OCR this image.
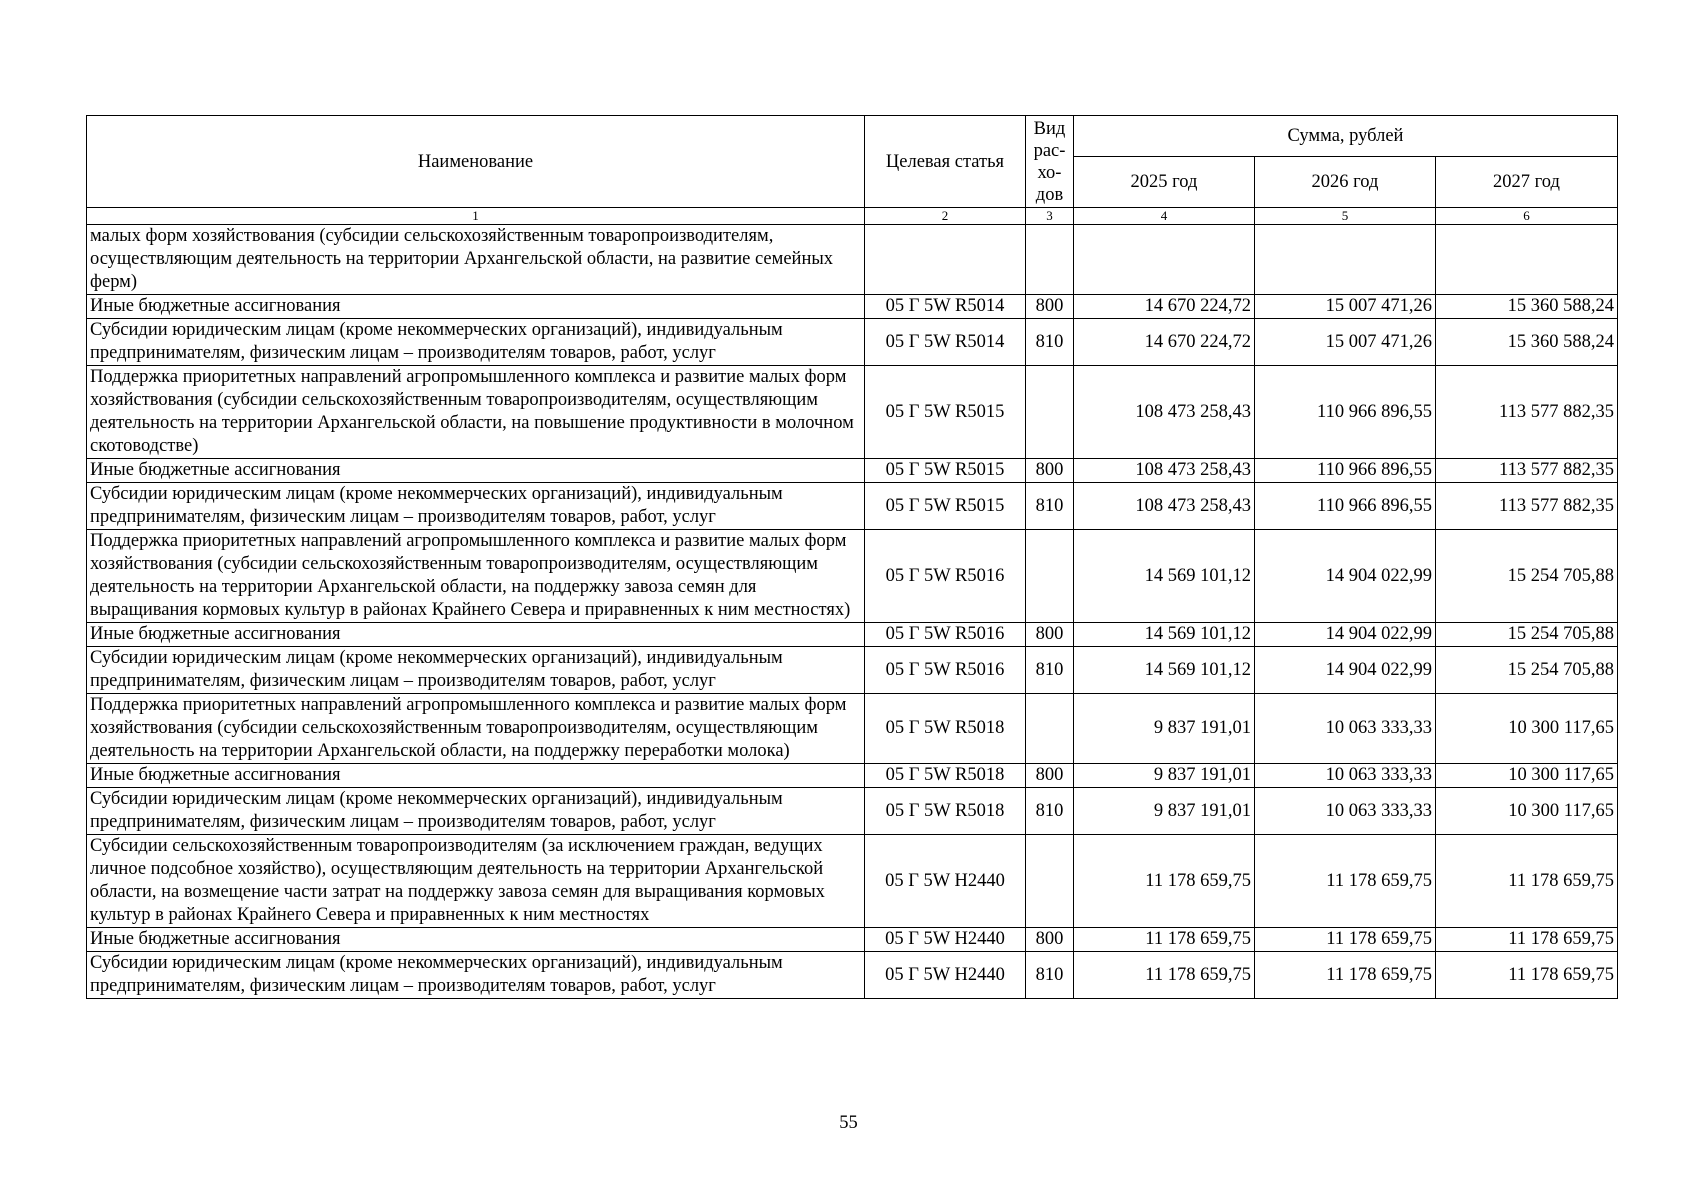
Наименование	Целевая статья	Вид рас-хо-дов	Сумма, рублей		
			2025 год	2026 год	2027 год
1	2	3	4	5	6
малых форм хозяйствования (субсидии сельскохозяйственным товаропроизводителям, осуществляющим деятельность на территории Архангельской области, на развитие семейных ферм)					
Иные бюджетные ассигнования	05 Г 5W R5014	800	14 670 224,72	15 007 471,26	15 360 588,24
Субсидии юридическим лицам (кроме некоммерческих организаций), индивидуальным предпринимателям, физическим лицам – производителям товаров, работ, услуг	05 Г 5W R5014	810	14 670 224,72	15 007 471,26	15 360 588,24
Поддержка приоритетных направлений агропромышленного комплекса и развитие малых форм хозяйствования (субсидии сельскохозяйственным товаропроизводителям, осуществляющим деятельность на территории Архангельской области, на повышение продуктивности в молочном скотоводстве)	05 Г 5W R5015		108 473 258,43	110 966 896,55	113 577 882,35
Иные бюджетные ассигнования	05 Г 5W R5015	800	108 473 258,43	110 966 896,55	113 577 882,35
Субсидии юридическим лицам (кроме некоммерческих организаций), индивидуальным предпринимателям, физическим лицам – производителям товаров, работ, услуг	05 Г 5W R5015	810	108 473 258,43	110 966 896,55	113 577 882,35
Поддержка приоритетных направлений агропромышленного комплекса и развитие малых форм хозяйствования (субсидии сельскохозяйственным товаропроизводителям, осуществляющим деятельность на территории Архангельской области, на поддержку завоза семян для выращивания кормовых культур в районах Крайнего Севера и приравненных к ним местностях)	05 Г 5W R5016		14 569 101,12	14 904 022,99	15 254 705,88
Иные бюджетные ассигнования	05 Г 5W R5016	800	14 569 101,12	14 904 022,99	15 254 705,88
Субсидии юридическим лицам (кроме некоммерческих организаций), индивидуальным предпринимателям, физическим лицам – производителям товаров, работ, услуг	05 Г 5W R5016	810	14 569 101,12	14 904 022,99	15 254 705,88
Поддержка приоритетных направлений агропромышленного комплекса и развитие малых форм хозяйствования (субсидии сельскохозяйственным товаропроизводителям, осуществляющим деятельность на территории Архангельской области, на поддержку переработки молока)	05 Г 5W R5018		9 837 191,01	10 063 333,33	10 300 117,65
Иные бюджетные ассигнования	05 Г 5W R5018	800	9 837 191,01	10 063 333,33	10 300 117,65
Субсидии юридическим лицам (кроме некоммерческих организаций), индивидуальным предпринимателям, физическим лицам – производителям товаров, работ, услуг	05 Г 5W R5018	810	9 837 191,01	10 063 333,33	10 300 117,65
Субсидии сельскохозяйственным товаропроизводителям (за исключением граждан, ведущих личное подсобное хозяйство), осуществляющим деятельность на территории Архангельской области, на возмещение части затрат на поддержку завоза семян для выращивания кормовых культур в районах Крайнего Севера и приравненных к ним местностях	05 Г 5W Н2440		11 178 659,75	11 178 659,75	11 178 659,75
Иные бюджетные ассигнования	05 Г 5W Н2440	800	11 178 659,75	11 178 659,75	11 178 659,75
Субсидии юридическим лицам (кроме некоммерческих организаций), индивидуальным предпринимателям, физическим лицам – производителям товаров, работ, услуг	05 Г 5W Н2440	810	11 178 659,75	11 178 659,75	11 178 659,75
55
